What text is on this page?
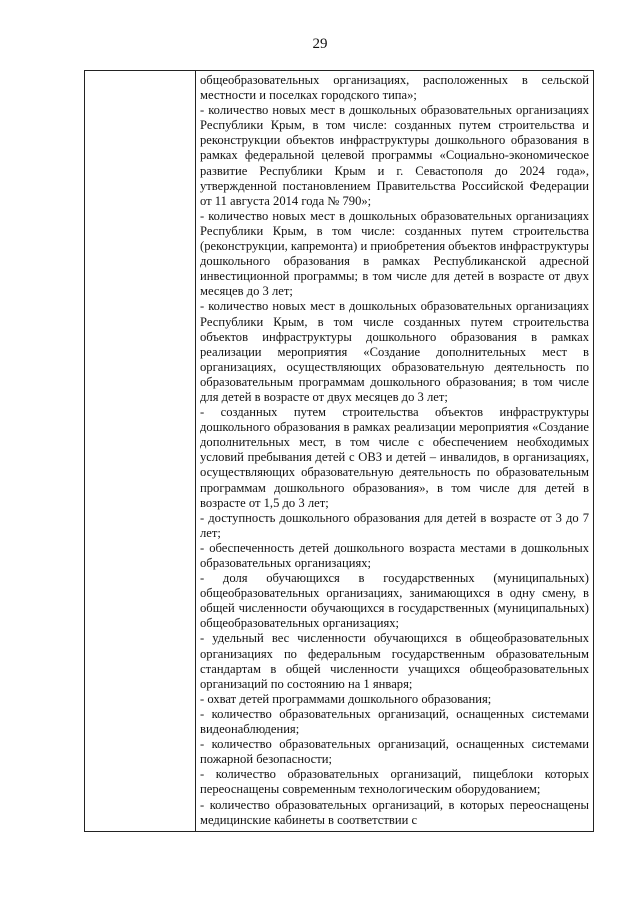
29

общеобразовательных организациях, расположенных в сельской местности и поселках городского типа»;

- количество новых мест в дошкольных образовательных организациях Республики Крым, в том числе: созданных путем строительства и реконструкции объектов инфраструктуры дошкольного образования в рамках федеральной целевой программы «Социально-экономическое развитие Республики Крым и г. Севастополя до 2024 года», утвержденной постановлением Правительства Российской Федерации от 11 августа 2014 года № 790»;

- количество новых мест в дошкольных образовательных организациях Республики Крым, в том числе: созданных путем строительства (реконструкции, капремонта) и приобретения объектов инфраструктуры дошкольного образования в рамках Республиканской адресной инвестиционной программы; в том числе для детей в возрасте от двух месяцев до 3 лет;

- количество новых мест в дошкольных образовательных организациях Республики Крым, в том числе созданных путем строительства объектов инфраструктуры дошкольного образования в рамках реализации мероприятия «Создание дополнительных мест в организациях, осуществляющих образовательную деятельность по образовательным программам дошкольного образования; в том числе для детей в возрасте от двух месяцев до 3 лет;

- созданных путем строительства объектов инфраструктуры дошкольного образования в рамках реализации мероприятия «Создание дополнительных мест, в том числе с обеспечением необходимых условий пребывания детей с ОВЗ и детей – инвалидов, в организациях, осуществляющих образовательную деятельность по образовательным программам дошкольного образования», в том числе для детей в возрасте от 1,5 до 3 лет;

- доступность дошкольного образования для детей в возрасте от 3 до 7 лет;

- обеспеченность детей дошкольного возраста местами в дошкольных образовательных организациях;

- доля обучающихся в государственных (муниципальных) общеобразовательных организациях, занимающихся в одну смену, в общей численности обучающихся в государственных (муниципальных) общеобразовательных организациях;

- удельный вес численности обучающихся в общеобразовательных организациях по федеральным государственным образовательным стандартам в общей численности учащихся общеобразовательных организаций по состоянию на 1 января;

- охват детей программами дошкольного образования;

- количество образовательных организаций, оснащенных системами видеонаблюдения;

- количество образовательных организаций, оснащенных системами пожарной безопасности;

- количество образовательных организаций, пищеблоки которых переоснащены современным технологическим оборудованием;

- количество образовательных организаций, в которых переоснащены медицинские кабинеты в соответствии с
